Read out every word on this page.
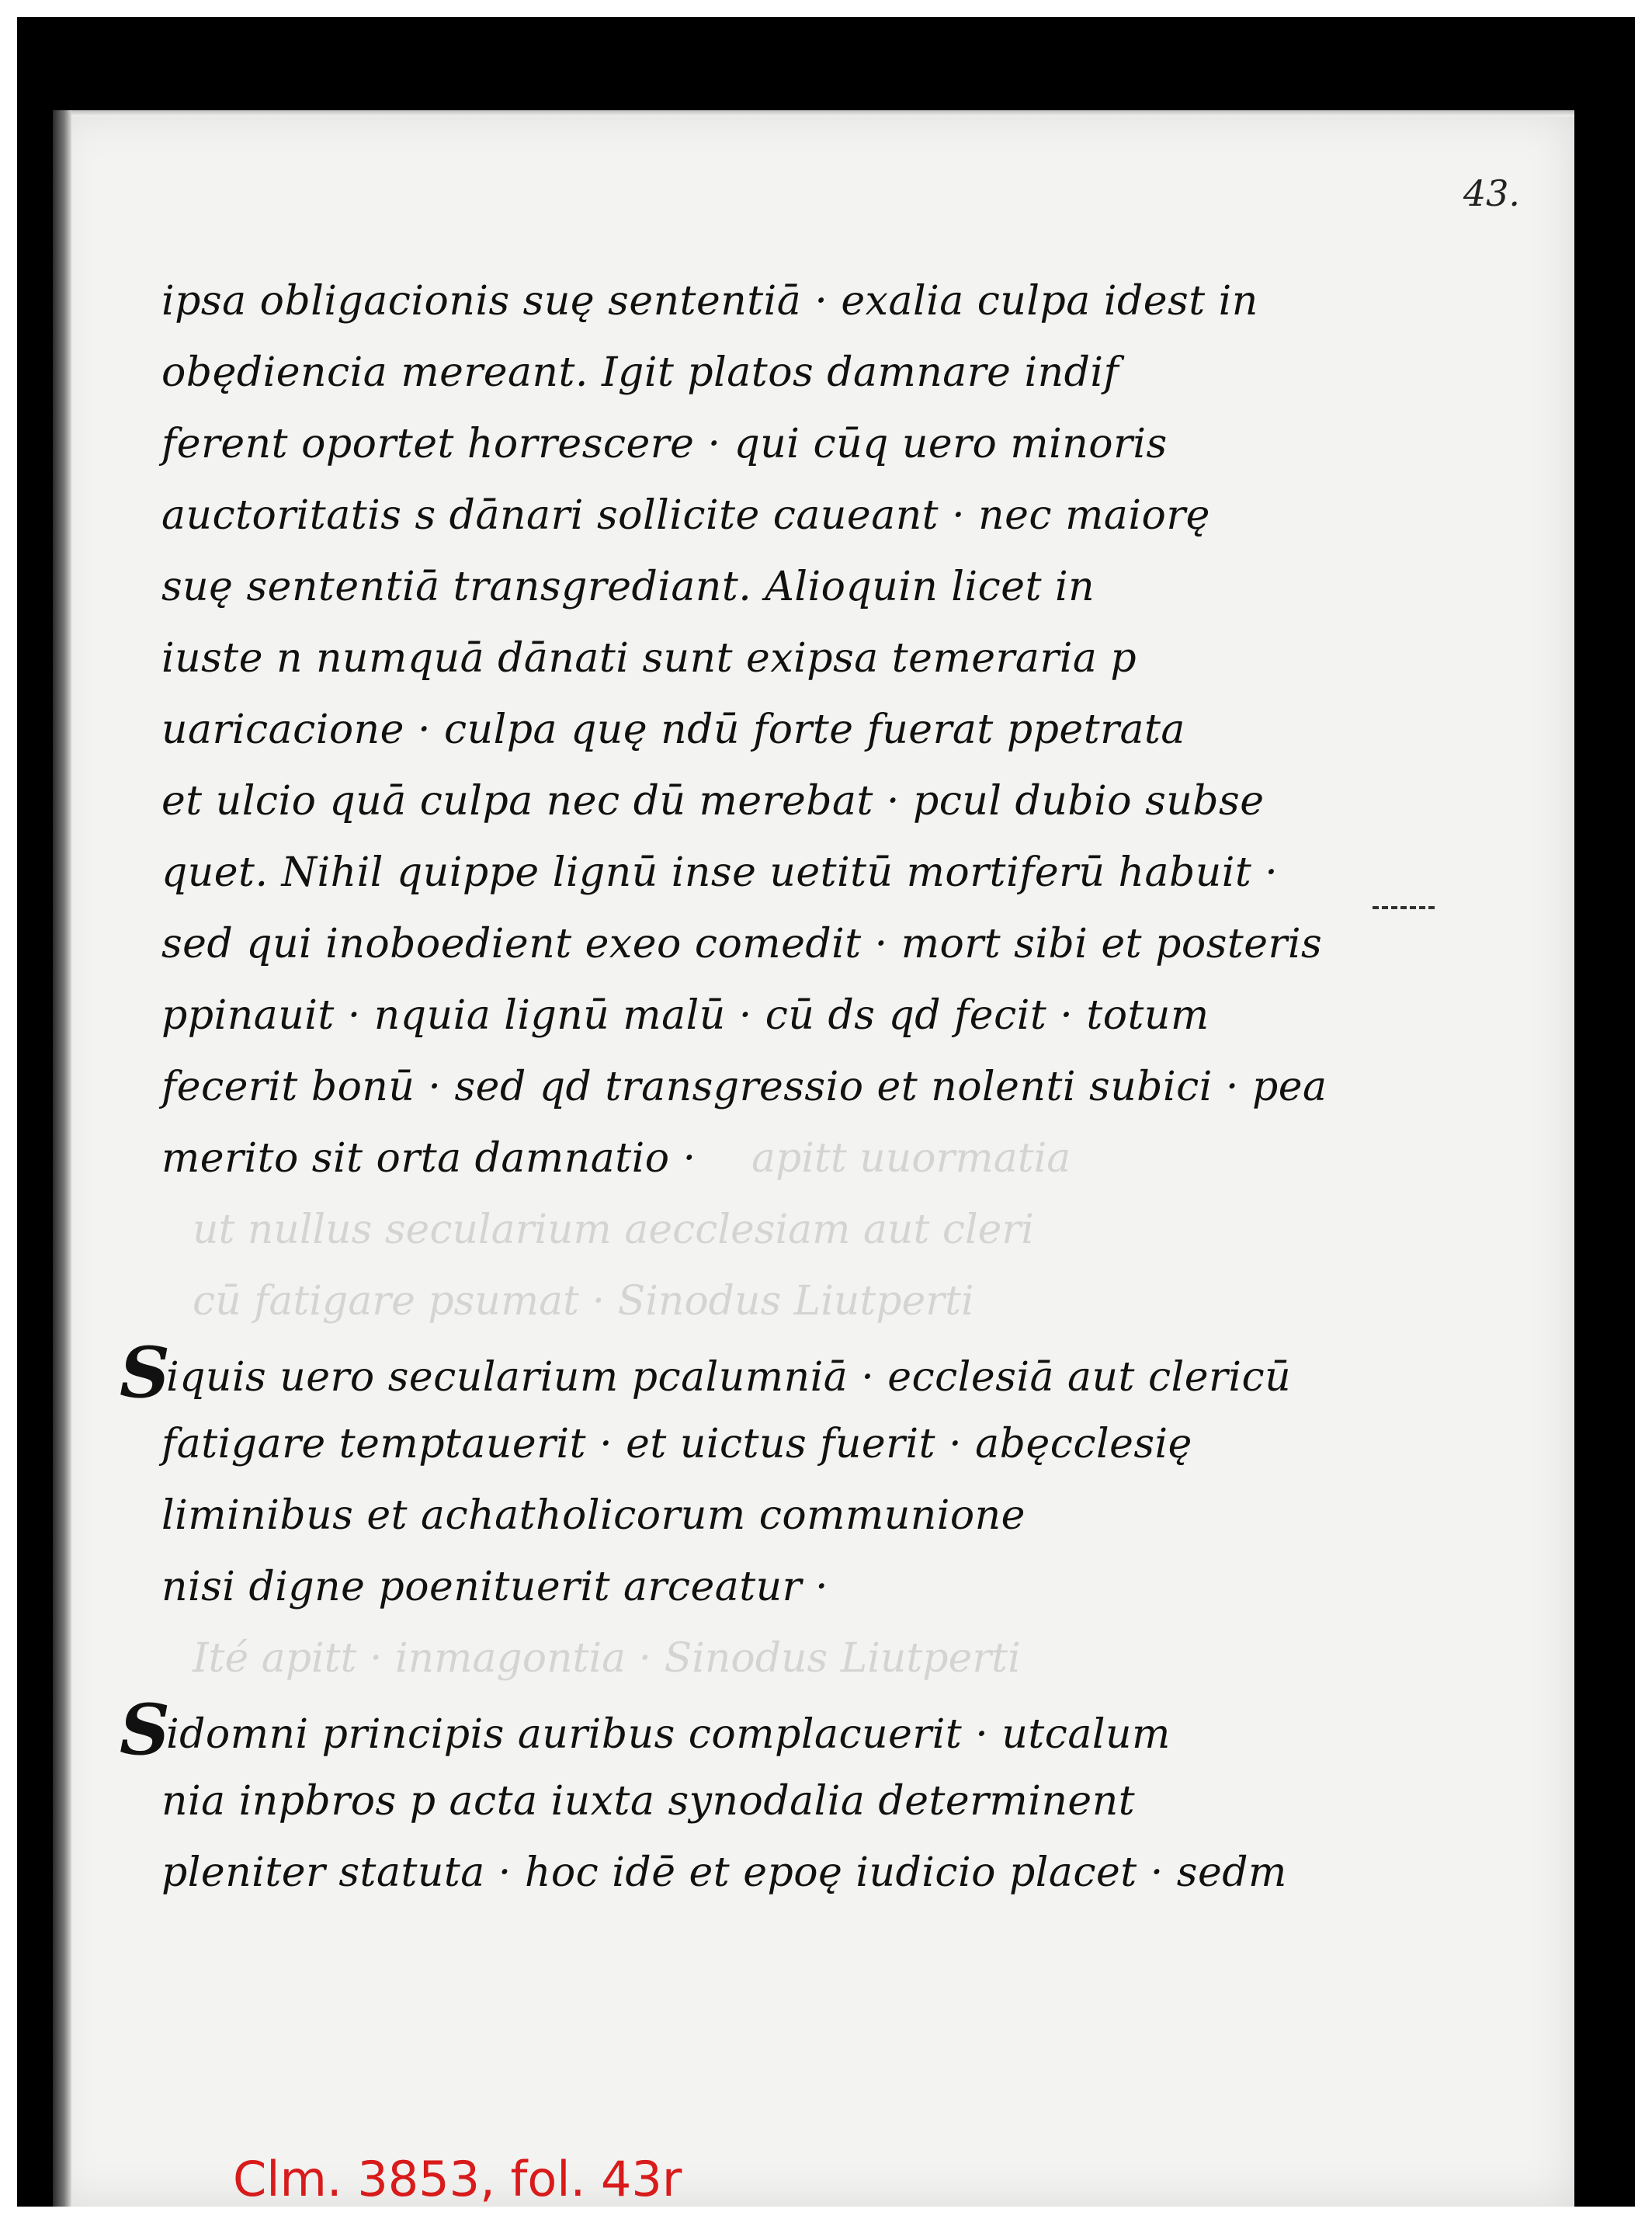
43.
ipsa obligacionis suę sententiā · exalia culpa idest in
obędiencia mereant. Igit platos damnare indif
ferent oportet horrescere · qui cūq uero minoris
auctoritatis s dānari sollicite caueant · nec maiorę
suę sententiā transgrediant. Alioquin licet in
iuste n numquā dānati sunt exipsa temeraria p
uaricacione · culpa quę ndū forte fuerat ppetrata
et ulcio quā culpa nec dū merebat · pcul dubio subse
quet. Nihil quippe lignū inse uetitū mortiferū habuit ·
sed qui inoboedient exeo comedit · mort sibi et posteris
ppinauit · nquia lignū malū · cū ds qd fecit · totum
fecerit bonū · sed qd transgressio et nolenti subici · pea
merito sit orta damnatio ·	apitt uuormatia
ut nullus secularium aecclesiam aut cleri
cū fatigare psumat · Sinodus Liutperti
Siquis uero secularium pcalumniā · ecclesiā aut clericū
fatigare temptauerit · et uictus fuerit · abęcclesię
liminibus et achatholicorum communione
nisi digne poenituerit arceatur ·
Ité apitt · inmagontia · Sinodus Liutperti
Sidomni principis auribus complacuerit · utcalum
nia inpbros p acta iuxta synodalia determinent
pleniter statuta · hoc idē et epoę iudicio placet · sedm
Clm. 3853, fol. 43r
